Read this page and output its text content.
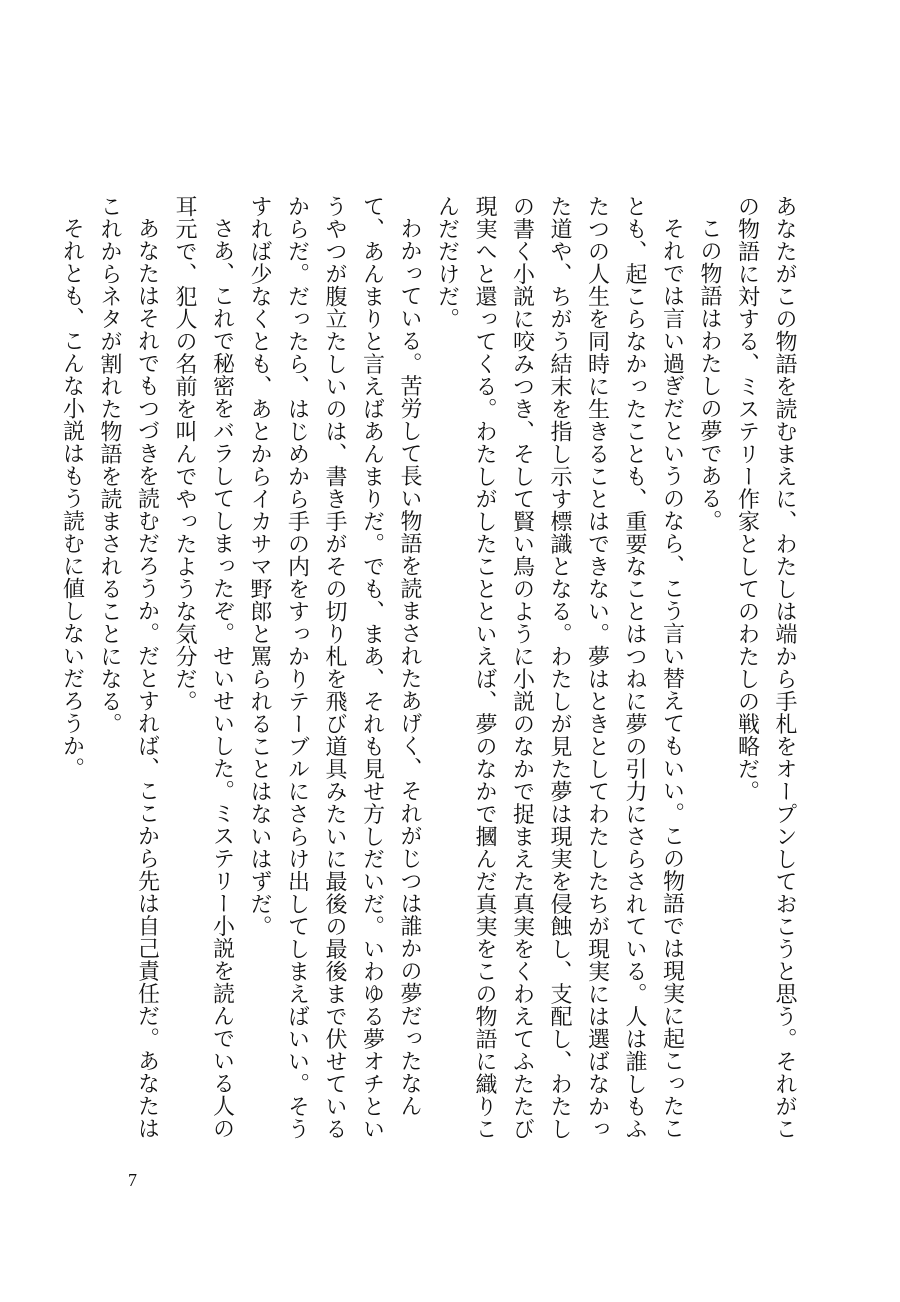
あなたがこの物語を読むまえに、わたしは端から手札をオープンしておこうと思う。それがこの物語に対する、ミステリー作家としてのわたしの戦略だ。

この物語はわたしの夢である。

それでは言い過ぎだというのなら、こう言い替えてもいい。この物語では現実に起こったことも、起こらなかったことも、重要なことはつねに夢の引力にさらされている。人は誰しもふたつの人生を同時に生きることはできない。夢はときとしてわたしたちが現実には選ばなかった道や、ちがう結末を指し示す標識となる。わたしが見た夢は現実を侵蝕し、支配し、わたしの書く小説に咬みつき、そして賢い鳥のように小説のなかで捉まえた真実をくわえてふたたび現実へと還ってくる。わたしがしたことといえば、夢のなかで摑んだ真実をこの物語に織りこんだだけだ。

わかっている。苦労して長い物語を読まされたあげく、それがじつは誰かの夢だったなんて、あんまりと言えばあんまりだ。でも、まあ、それも見せ方しだいだ。いわゆる夢オチというやつが腹立たしいのは、書き手がその切り札を飛び道具みたいに最後の最後まで伏せているからだ。だったら、はじめから手の内をすっかりテーブルにさらけ出してしまえばいい。そうすれば少なくとも、あとからイカサマ野郎と罵られることはないはずだ。

さあ、これで秘密をバラしてしまったぞ。せいせいした。ミステリー小説を読んでいる人の耳元で、犯人の名前を叫んでやったような気分だ。

あなたはそれでもつづきを読むだろうか。だとすれば、ここから先は自己責任だ。あなたはこれからネタが割れた物語を読まされることになる。

それとも、こんな小説はもう読むに値しないだろうか。

7
